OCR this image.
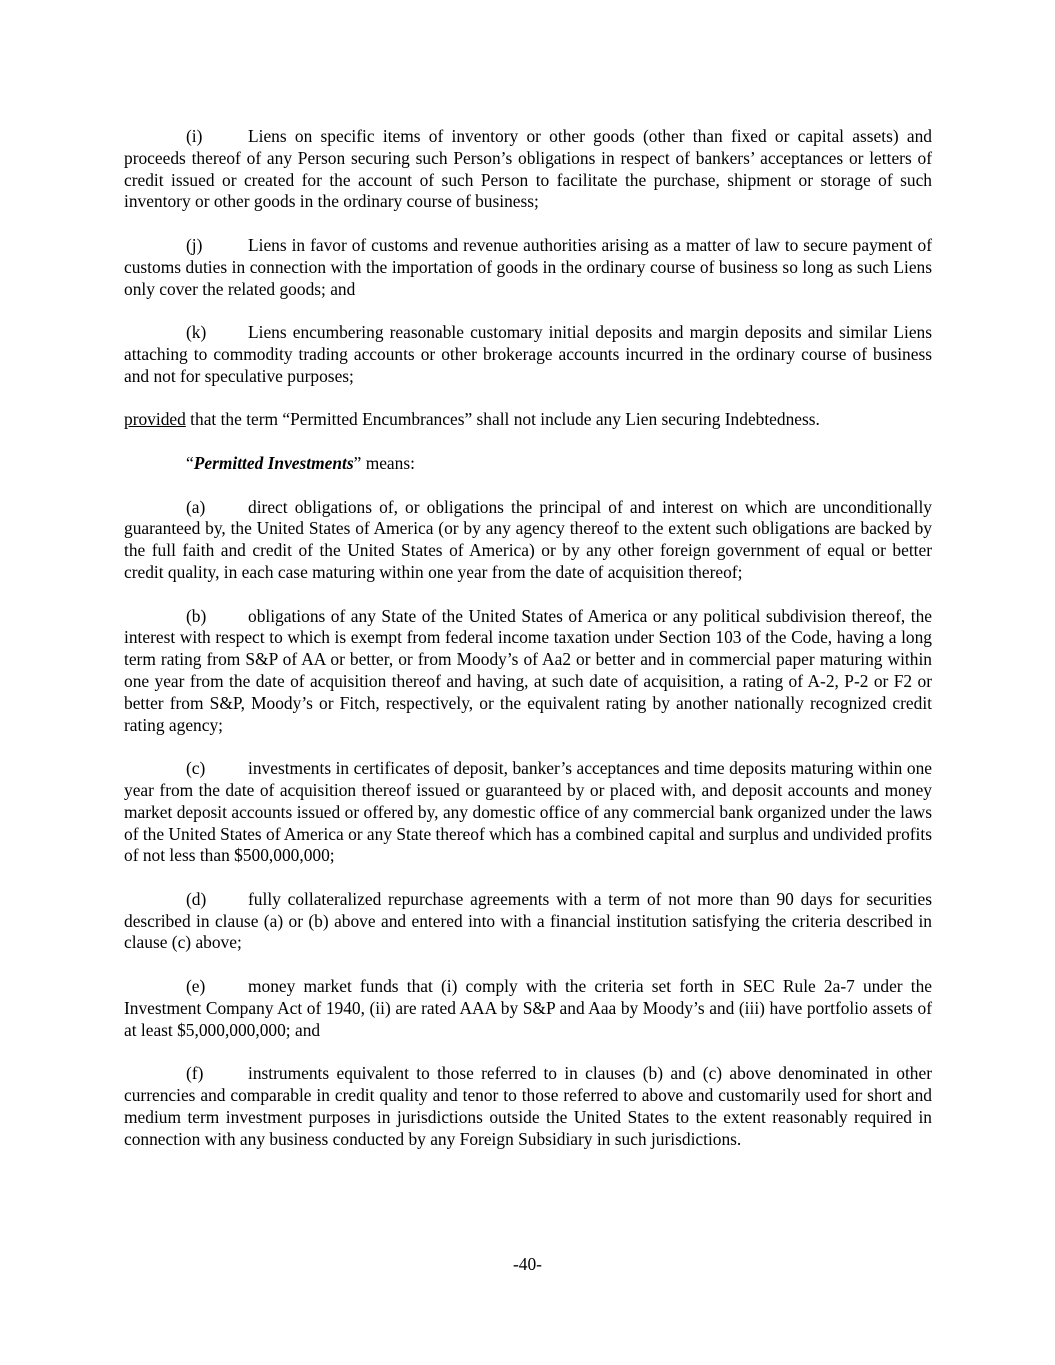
(i)	Liens on specific items of inventory or other goods (other than fixed or capital assets) and proceeds thereof of any Person securing such Person’s obligations in respect of bankers’ acceptances or letters of credit issued or created for the account of such Person to facilitate the purchase, shipment or storage of such inventory or other goods in the ordinary course of business;

(j)	Liens in favor of customs and revenue authorities arising as a matter of law to secure payment of customs duties in connection with the importation of goods in the ordinary course of business so long as such Liens only cover the related goods; and

(k) Liens encumbering reasonable customary initial deposits and margin deposits and similar Liens attaching to commodity trading accounts or other brokerage accounts incurred in the ordinary course of business and not for speculative purposes;

provided that the term “Permitted Encumbrances” shall not include any Lien securing Indebtedness.

“Permitted Investments” means:

(a) direct obligations of, or obligations the principal of and interest on which are unconditionally guaranteed by, the United States of America (or by any agency thereof to the extent such obligations are backed by the full faith and credit of the United States of America) or by any other foreign government of equal or better credit quality, in each case maturing within one year from the date of acquisition thereof;

(b) obligations of any State of the United States of America or any political subdivision thereof, the interest with respect to which is exempt from federal income taxation under Section 103 of the Code, having a long term rating from S&P of AA or better, or from Moody’s of Aa2 or better and in commercial paper maturing within one year from the date of acquisition thereof and having, at such date of acquisition, a rating of A-2, P-2 or F2 or better from S&P, Moody’s or Fitch, respectively, or the equivalent rating by another nationally recognized credit rating agency;

(c) investments in certificates of deposit, banker’s acceptances and time deposits maturing within one year from the date of acquisition thereof issued or guaranteed by or placed with, and deposit accounts and money market deposit accounts issued or offered by, any domestic office of any commercial bank organized under the laws of the United States of America or any State thereof which has a combined capital and surplus and undivided profits of not less than $500,000,000;

(d) fully collateralized repurchase agreements with a term of not more than 90 days for securities described in clause (a) or (b) above and entered into with a financial institution satisfying the criteria described in clause (c) above;

(e) money market funds that (i) comply with the criteria set forth in SEC Rule 2a-7 under the Investment Company Act of 1940, (ii) are rated AAA by S&P and Aaa by Moody’s and (iii) have portfolio assets of at least $5,000,000,000; and

(f)	instruments equivalent to those referred to in clauses (b) and (c) above denominated in other currencies and comparable in credit quality and tenor to those referred to above and customarily used for short and medium term investment purposes in jurisdictions outside the United States to the extent reasonably required in connection with any business conducted by any Foreign Subsidiary in such jurisdictions.

-40-
